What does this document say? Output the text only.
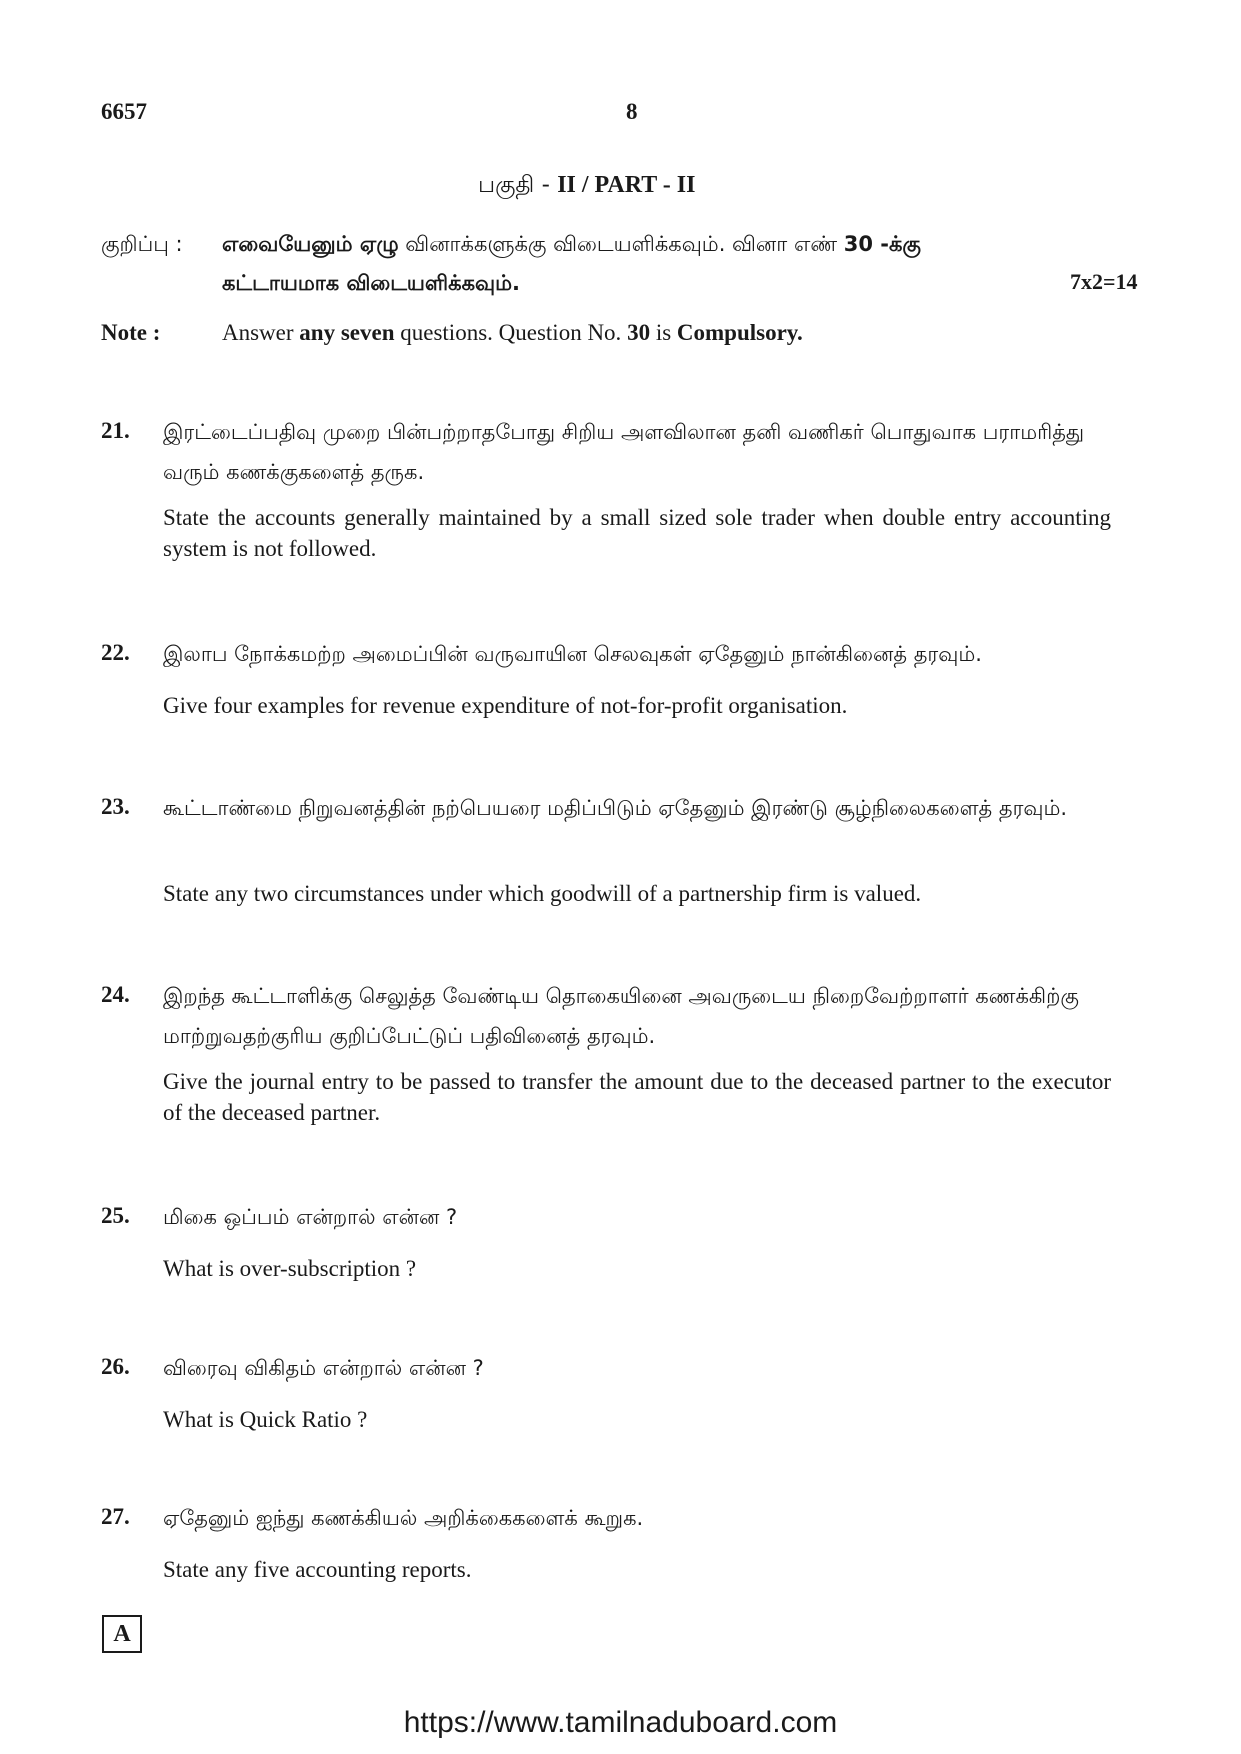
6657	8
பகுதி - II / PART - II
குறிப்பு : எவையேனும் ஏழு வினாக்களுக்கு விடையளிக்கவும். வினா எண் 30 -க்கு
கட்டாயமாக விடையளிக்கவும்.	7x2=14
Note :	Answer any seven questions. Question No. 30 is Compulsory.
21. இரட்டைப்பதிவு முறை பின்பற்றாதபோது சிறிய அளவிலான தனி வணிகர் பொதுவாக பராமரித்து வரும் கணக்குகளைத் தருக.
State the accounts generally maintained by a small sized sole trader when double entry accounting system is not followed.
22. இலாப நோக்கமற்ற அமைப்பின் வருவாயின செலவுகள் ஏதேனும் நான்கினைத் தரவும்.
Give four examples for revenue expenditure of not-for-profit organisation.
23. கூட்டாண்மை நிறுவனத்தின் நற்பெயரை மதிப்பிடும் ஏதேனும் இரண்டு சூழ்நிலைகளைத் தரவும்.
State any two circumstances under which goodwill of a partnership firm is valued.
24. இறந்த கூட்டாளிக்கு செலுத்த வேண்டிய தொகையினை அவருடைய நிறைவேற்றாளர் கணக்கிற்கு மாற்றுவதற்குரிய குறிப்பேட்டுப் பதிவினைத் தரவும்.
Give the journal entry to be passed to transfer the amount due to the deceased partner to the executor of the deceased partner.
25. மிகை ஒப்பம் என்றால் என்ன ?
What is over-subscription ?
26. விரைவு விகிதம் என்றால் என்ன ?
What is Quick Ratio ?
27. ஏதேனும் ஐந்து கணக்கியல் அறிக்கைகளைக் கூறுக.
State any five accounting reports.
A
https://www.tamilnaduboard.com
